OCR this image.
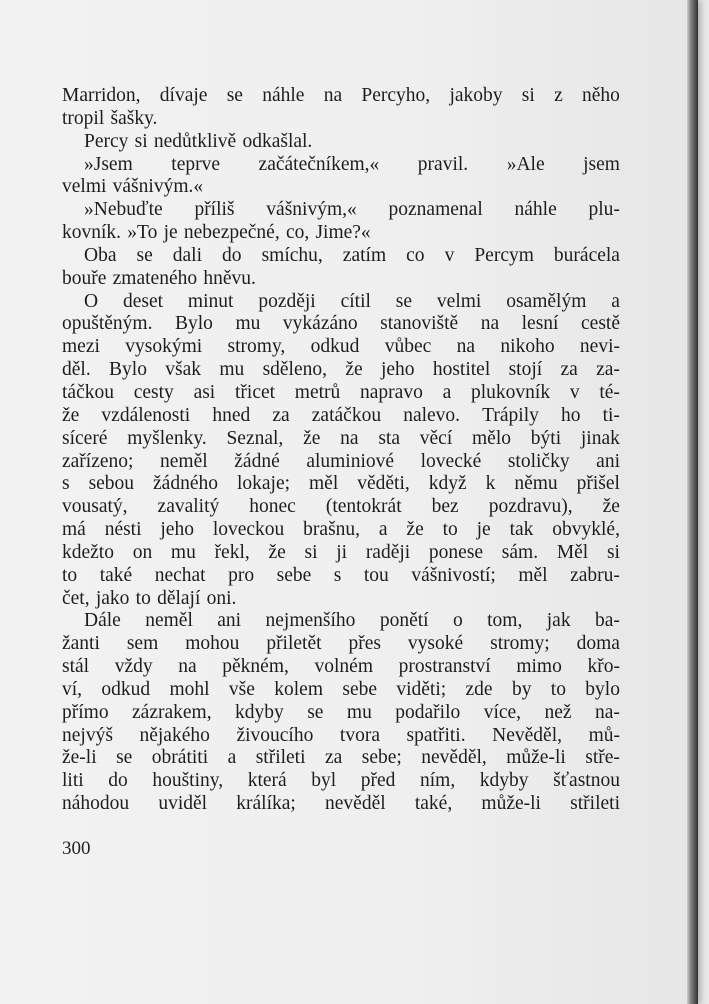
Marridon, dívaje se náhle na Percyho, jakoby si z něho
tropil šašky.
Percy si nedůtklivě odkašlal.
»Jsem teprve začátečníkem,« pravil. »Ale jsem
velmi vášnivým.«
»Nebuďte příliš vášnivým,« poznamenal náhle plu-
kovník. »To je nebezpečné, co, Jime?«
Oba se dali do smíchu, zatím co v Percym burácela
bouře zmateného hněvu.
O deset minut později cítil se velmi osamělým a
opuštěným. Bylo mu vykázáno stanoviště na lesní cestě
mezi vysokými stromy, odkud vůbec na nikoho nevi-
děl. Bylo však mu sděleno, že jeho hostitel stojí za za-
táčkou cesty asi třicet metrů napravo a plukovník v té-
že vzdálenosti hned za zatáčkou nalevo. Trápily ho ti-
síceré myšlenky. Seznal, že na sta věcí mělo býti jinak
zařízeno; neměl žádné aluminiové lovecké stoličky ani
s sebou žádného lokaje; měl věděti, když k němu přišel
vousatý, zavalitý honec (tentokrát bez pozdravu), že
má nésti jeho loveckou brašnu, a že to je tak obvyklé,
kdežto on mu řekl, že si ji raději ponese sám. Měl si
to také nechat pro sebe s tou vášnivostí; měl zabru-
čet, jako to dělají oni.
Dále neměl ani nejmenšího ponětí o tom, jak ba-
žanti sem mohou přiletět přes vysoké stromy; doma
stál vždy na pěkném, volném prostranství mimo křo-
ví, odkud mohl vše kolem sebe viděti; zde by to bylo
přímo zázrakem, kdyby se mu podařilo více, než na-
nejvýš nějakého živoucího tvora spatřiti. Nevěděl, mů-
že-li se obrátiti a střileti za sebe; nevěděl, může-li stře-
liti do houštiny, která byl před ním, kdyby šťastnou
náhodou uviděl králíka; nevěděl také, může-li střileti
300
